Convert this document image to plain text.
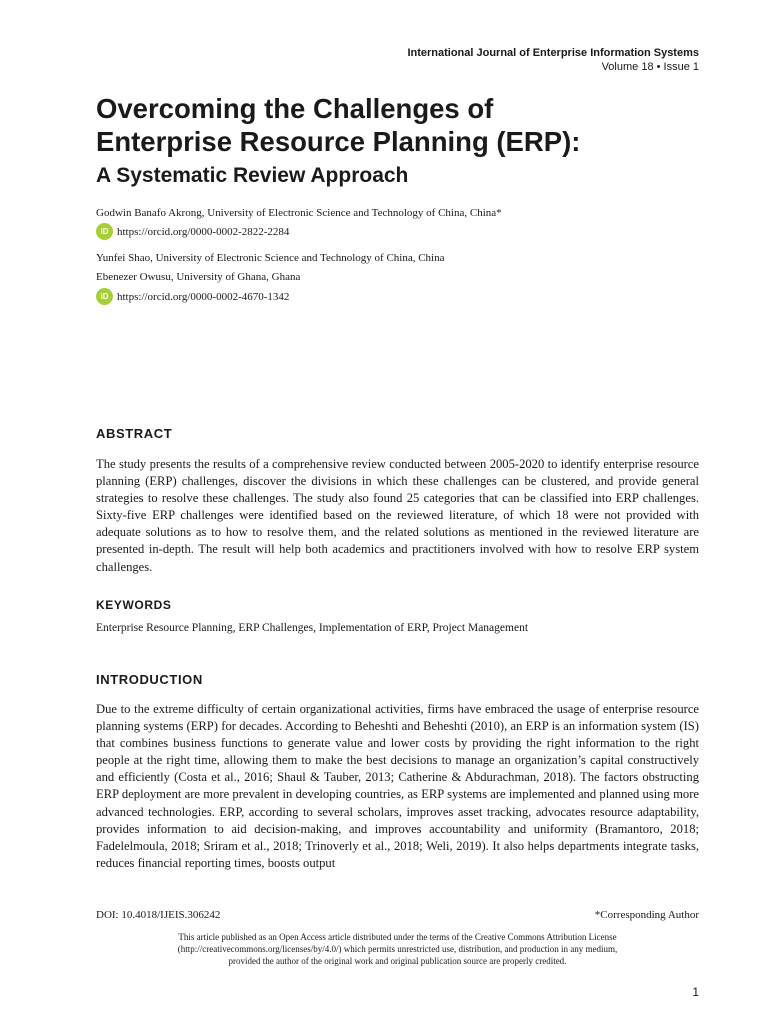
International Journal of Enterprise Information Systems
Volume 18 • Issue 1
Overcoming the Challenges of
Enterprise Resource Planning (ERP):
A Systematic Review Approach
Godwin Banafo Akrong, University of Electronic Science and Technology of China, China*
iD https://orcid.org/0000-0002-2822-2284
Yunfei Shao, University of Electronic Science and Technology of China, China
Ebenezer Owusu, University of Ghana, Ghana
iD https://orcid.org/0000-0002-4670-1342
ABSTRACT

The study presents the results of a comprehensive review conducted between 2005-2020 to identify enterprise resource planning (ERP) challenges, discover the divisions in which these challenges can be clustered, and provide general strategies to resolve these challenges. The study also found 25 categories that can be classified into ERP challenges. Sixty-five ERP challenges were identified based on the reviewed literature, of which 18 were not provided with adequate solutions as to how to resolve them, and the related solutions as mentioned in the reviewed literature are presented in-depth. The result will help both academics and practitioners involved with how to resolve ERP system challenges.

KEYWORDS
Enterprise Resource Planning, ERP Challenges, Implementation of ERP, Project Management
INTRODUCTION

Due to the extreme difficulty of certain organizational activities, firms have embraced the usage of enterprise resource planning systems (ERP) for decades. According to Beheshti and Beheshti (2010), an ERP is an information system (IS) that combines business functions to generate value and lower costs by providing the right information to the right people at the right time, allowing them to make the best decisions to manage an organization’s capital constructively and efficiently (Costa et al., 2016; Shaul & Tauber, 2013; Catherine & Abdurachman, 2018). The factors obstructing ERP deployment are more prevalent in developing countries, as ERP systems are implemented and planned using more advanced technologies. ERP, according to several scholars, improves asset tracking, advocates resource adaptability, provides information to aid decision-making, and improves accountability and uniformity (Bramantoro, 2018; Fadelelmoula, 2018; Sriram et al., 2018; Trinoverly et al., 2018; Weli, 2019). It also helps departments integrate tasks, reduces financial reporting times, boosts output

DOI: 10.4018/IJEIS.306242	*Corresponding Author
This article published as an Open Access article distributed under the terms of the Creative Commons Attribution License
(http://creativecommons.org/licenses/by/4.0/) which permits unrestricted use, distribution, and production in any medium,
provided the author of the original work and original publication source are properly credited.
1
